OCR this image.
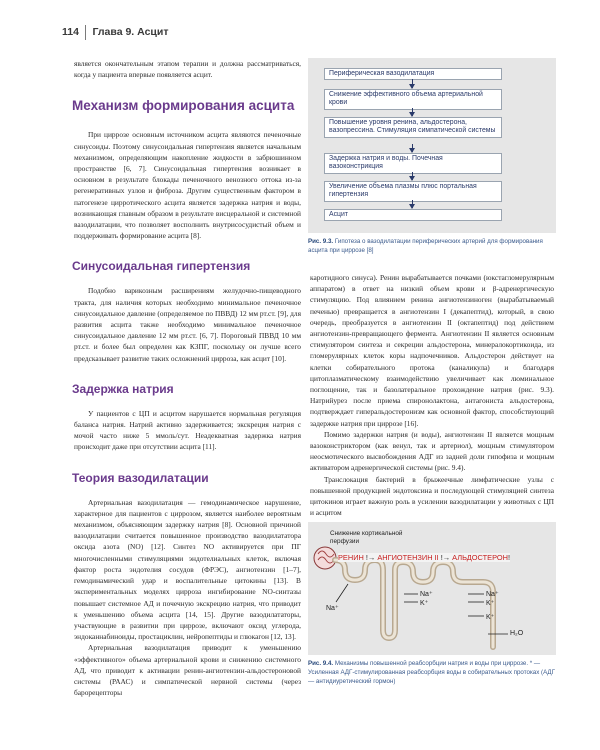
114 Глава 9. Асцит

является окончательным этапом терапии и должна рассматриваться, когда у пациента впервые появляется асцит.

Механизм формирования асцита

При циррозе основным источником асцита являются печеночные синусоиды. Поэтому синусоидальная гипертензия является начальным механизмом, определяющим накопление жидкости в забрюшинном пространстве [6, 7]. Синусоидальная гипертензия возникает в основном в результате блокады печеночного венозного оттока из-за регенеративных узлов и фиброза. Другим существенным фактором в патогенезе цирротического асцита является задержка натрия и воды, возникающая главным образом в результате висцеральной и системной вазодилатации, что позволяет восполнить внутрисосудистый объем и поддерживать формирование асцита [8].

Синусоидальная гипертензия

Подобно варикозным расширениям желудочно-пищеводного тракта, для наличия которых необходимо минимальное печеночное синусоидальное давление (определяемое по ПВВД) 12 мм рт.ст. [9], для развития асцита также необходимо минимальное печеночное синусоидальное давление 12 мм рт.ст. [6, 7]. Пороговый ПВВД 10 мм рт.ст. и более был определен как КЗПГ, поскольку он лучше всего предсказывает развитие таких осложнений цирроза, как асцит [10].

Задержка натрия

У пациентов с ЦП и асцитом нарушается нормальная регуляция баланса натрия. Натрий активно задерживается; экскреция натрия с мочой часто ниже 5 ммоль/сут. Неадекватная задержка натрия происходит даже при отсутствии асцита [11].

Теория вазодилатации

Артериальная вазодилатация — гемодинамическое нарушение, характерное для пациентов с циррозом, является наиболее вероятным механизмом, объясняющим задержку натрия [8]. Основной причиной вазодилатации считается повышенное производство вазодилататора оксида азота (NO) [12]. Синтез NO активируется при ПГ многочисленными стимуляциями эндотелиальных клеток, включая фактор роста эндотелия сосудов (ФРЭС), ангиотензин [1–7], гемодинамический удар и воспалительные цитокины [13]. В экспериментальных моделях цирроза ингибирование NO-синтазы повышает системное АД и почечную экскрецию натрия, что приводит к уменьшению объема асцита [14, 15]. Другие вазодилататоры, участвующие в развитии при циррозе, включают оксид углерода, эндоканнабиноиды, простациклин, нейропептиды и глюкагон [12, 13].

Артериальная вазодилатация приводит к уменьшению «эффективного» объема артериальной крови и снижению системного АД, что приводит к активации ренин-ангиотензин-альдостероновой системы (РААС) и симпатической нервной системы (через барорецепторы

Периферическая вазодилатация
Снижение эффективного объема артериальной крови
Повышение уровня ренина, альдостерона, вазопрессина. Стимуляция симпатической системы
Задержка натрия и воды. Почечная вазоконстрикция
Увеличение объема плазмы плюс портальная гипертензия
Асцит
Рис. 9.3. Гипотеза о вазодилатации периферических артерий для формирования асцита при циррозе [8]

каротидного синуса). Ренин вырабатывается почками (юкстагломерулярным аппаратом) в ответ на низкий объем крови и β-адренергическую стимуляцию. Под влиянием ренина ангиотензиноген (вырабатываемый печенью) превращается в ангиотензин I (декапептид), который, в свою очередь, преобразуется в ангиотензин II (октапептид) под действием ангиотензин-превращающего фермента. Ангиотензин II является основным стимулятором синтеза и секреции альдостерона, минералокортикоида, из гломерулярных клеток коры надпочечников. Альдостерон действует на клетки собирательного протока (каналикула) и благодаря цитоплазматическому взаимодействию увеличивает как люминальное поглощение, так и базолатеральное прохождение натрия (рис. 9.3). Натрийурез после приема спиронолактона, антагониста альдостерона, подтверждает гиперальдостеронизм как основной фактор, способствующий задержке натрия при циррозе [16].

Помимо задержки натрия (и воды), ангиотензин II является мощным вазоконстриктором (как венул, так и артериол), мощным стимулятором неосмотического высвобождения АДГ из задней доли гипофиза и мощным активатором адренергической системы (рис. 9.4).

Транслокация бактерий в брыжеечные лимфатические узлы с повышенной продукцией эндотоксина и последующей стимуляцией синтеза цитокинов играет важную роль в усилении вазодилатации у животных с ЦП и асцитом

Снижение кортикальной перфузии
РЕНИН !→ АНГИОТЕНЗИН II !→ АЛЬДОСТЕРОН !
Na⁺
Na⁺
K⁺
Na⁺
K⁺
K⁺
H₂O
Рис. 9.4. Механизмы повышенной реабсорбции натрия и воды при циррозе. * — Усиленная АДГ-стимулированная реабсорбция воды в собирательных протоках (АДГ — антидиуретический гормон)
